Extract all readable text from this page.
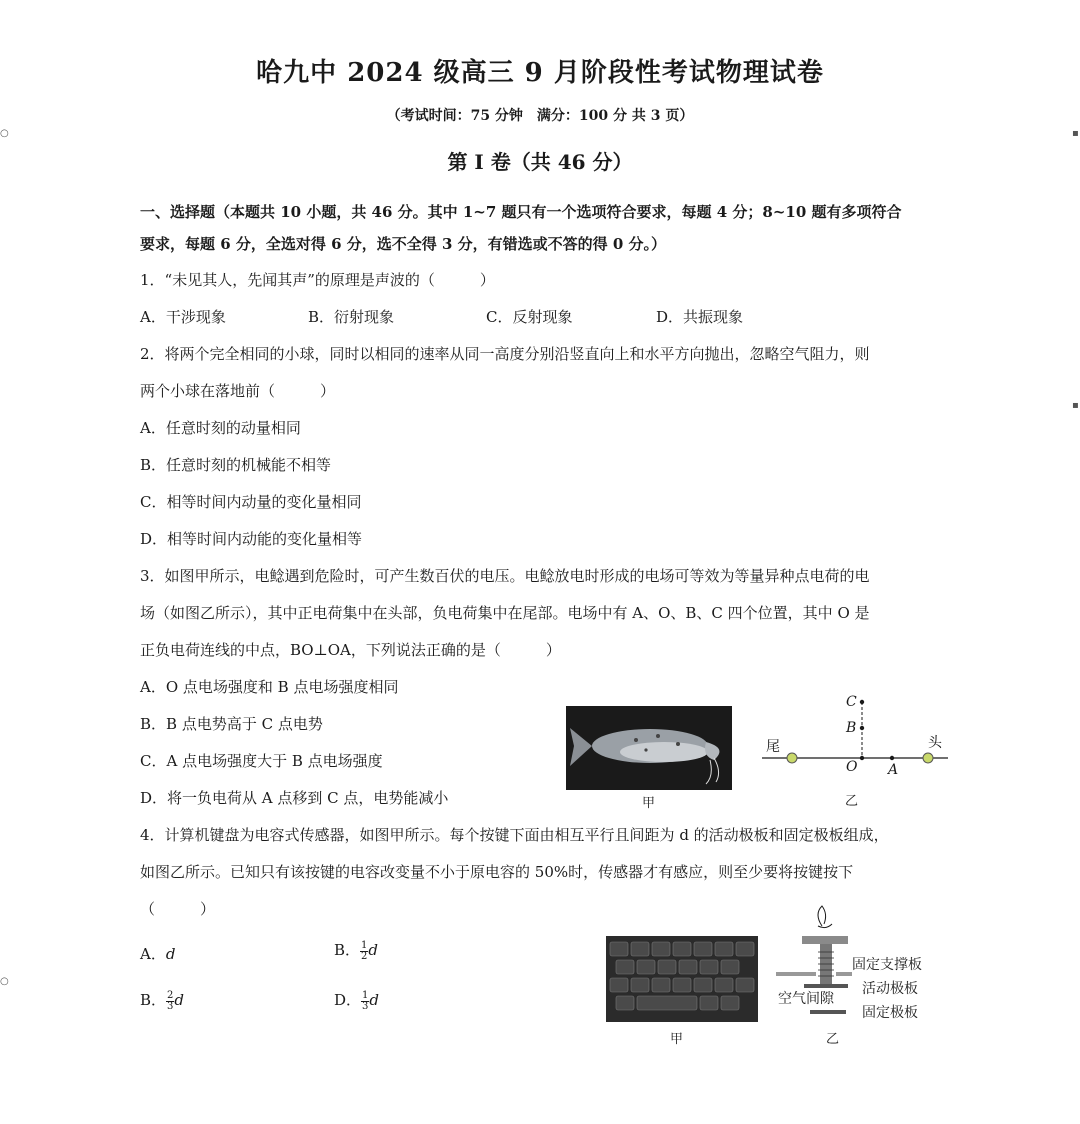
哈九中 2024 级高三 9 月阶段性考试物理试卷
（考试时间：75 分钟　满分：100 分 共 3 页）
第 I 卷（共 46 分）
一、选择题（本题共 10 小题，共 46 分。其中 1~7 题只有一个选项符合要求，每题 4 分；8~10 题有多项符合
要求，每题 6 分，全选对得 6 分，选不全得 3 分，有错选或不答的得 0 分。）
1．“未见其人，先闻其声”的原理是声波的（　　　）
A．干涉现象	B．衍射现象	C．反射现象	D．共振现象
2．将两个完全相同的小球，同时以相同的速率从同一高度分别沿竖直向上和水平方向抛出，忽略空气阻力，则
两个小球在落地前（　　　）
A．任意时刻的动量相同
B．任意时刻的机械能不相等
C．相等时间内动量的变化量相同
D．相等时间内动能的变化量相等
3．如图甲所示，电鲶遇到危险时，可产生数百伏的电压。电鲶放电时形成的电场可等效为等量异种点电荷的电
场（如图乙所示），其中正电荷集中在头部，负电荷集中在尾部。电场中有 A、O、B、C 四个位置，其中 O 是
正负电荷连线的中点，BO⊥OA，下列说法正确的是（　　　）
A．O 点电场强度和 B 点电场强度相同
B．B 点电势高于 C 点电势
C．A 点电场强度大于 B 点电场强度
D．将一负电荷从 A 点移到 C 点，电势能减小	甲
尾	头
C
B
O A
乙
4．计算机键盘为电容式传感器，如图甲所示。每个按键下面由相互平行且间距为 d 的活动极板和固定极板组成，
如图乙所示。已知只有该按键的电容改变量不小于原电容的 50%时，传感器才有感应，则至少要将按键按下
（　　　）
A．d	B． $\frac{1}{2}$ d
B． $\frac{2}{3}$ d	D． $\frac{1}{3}$ d
甲
固定支撑板
活动极板
空气间隙
固定极板
乙
○
○
▪
▪
